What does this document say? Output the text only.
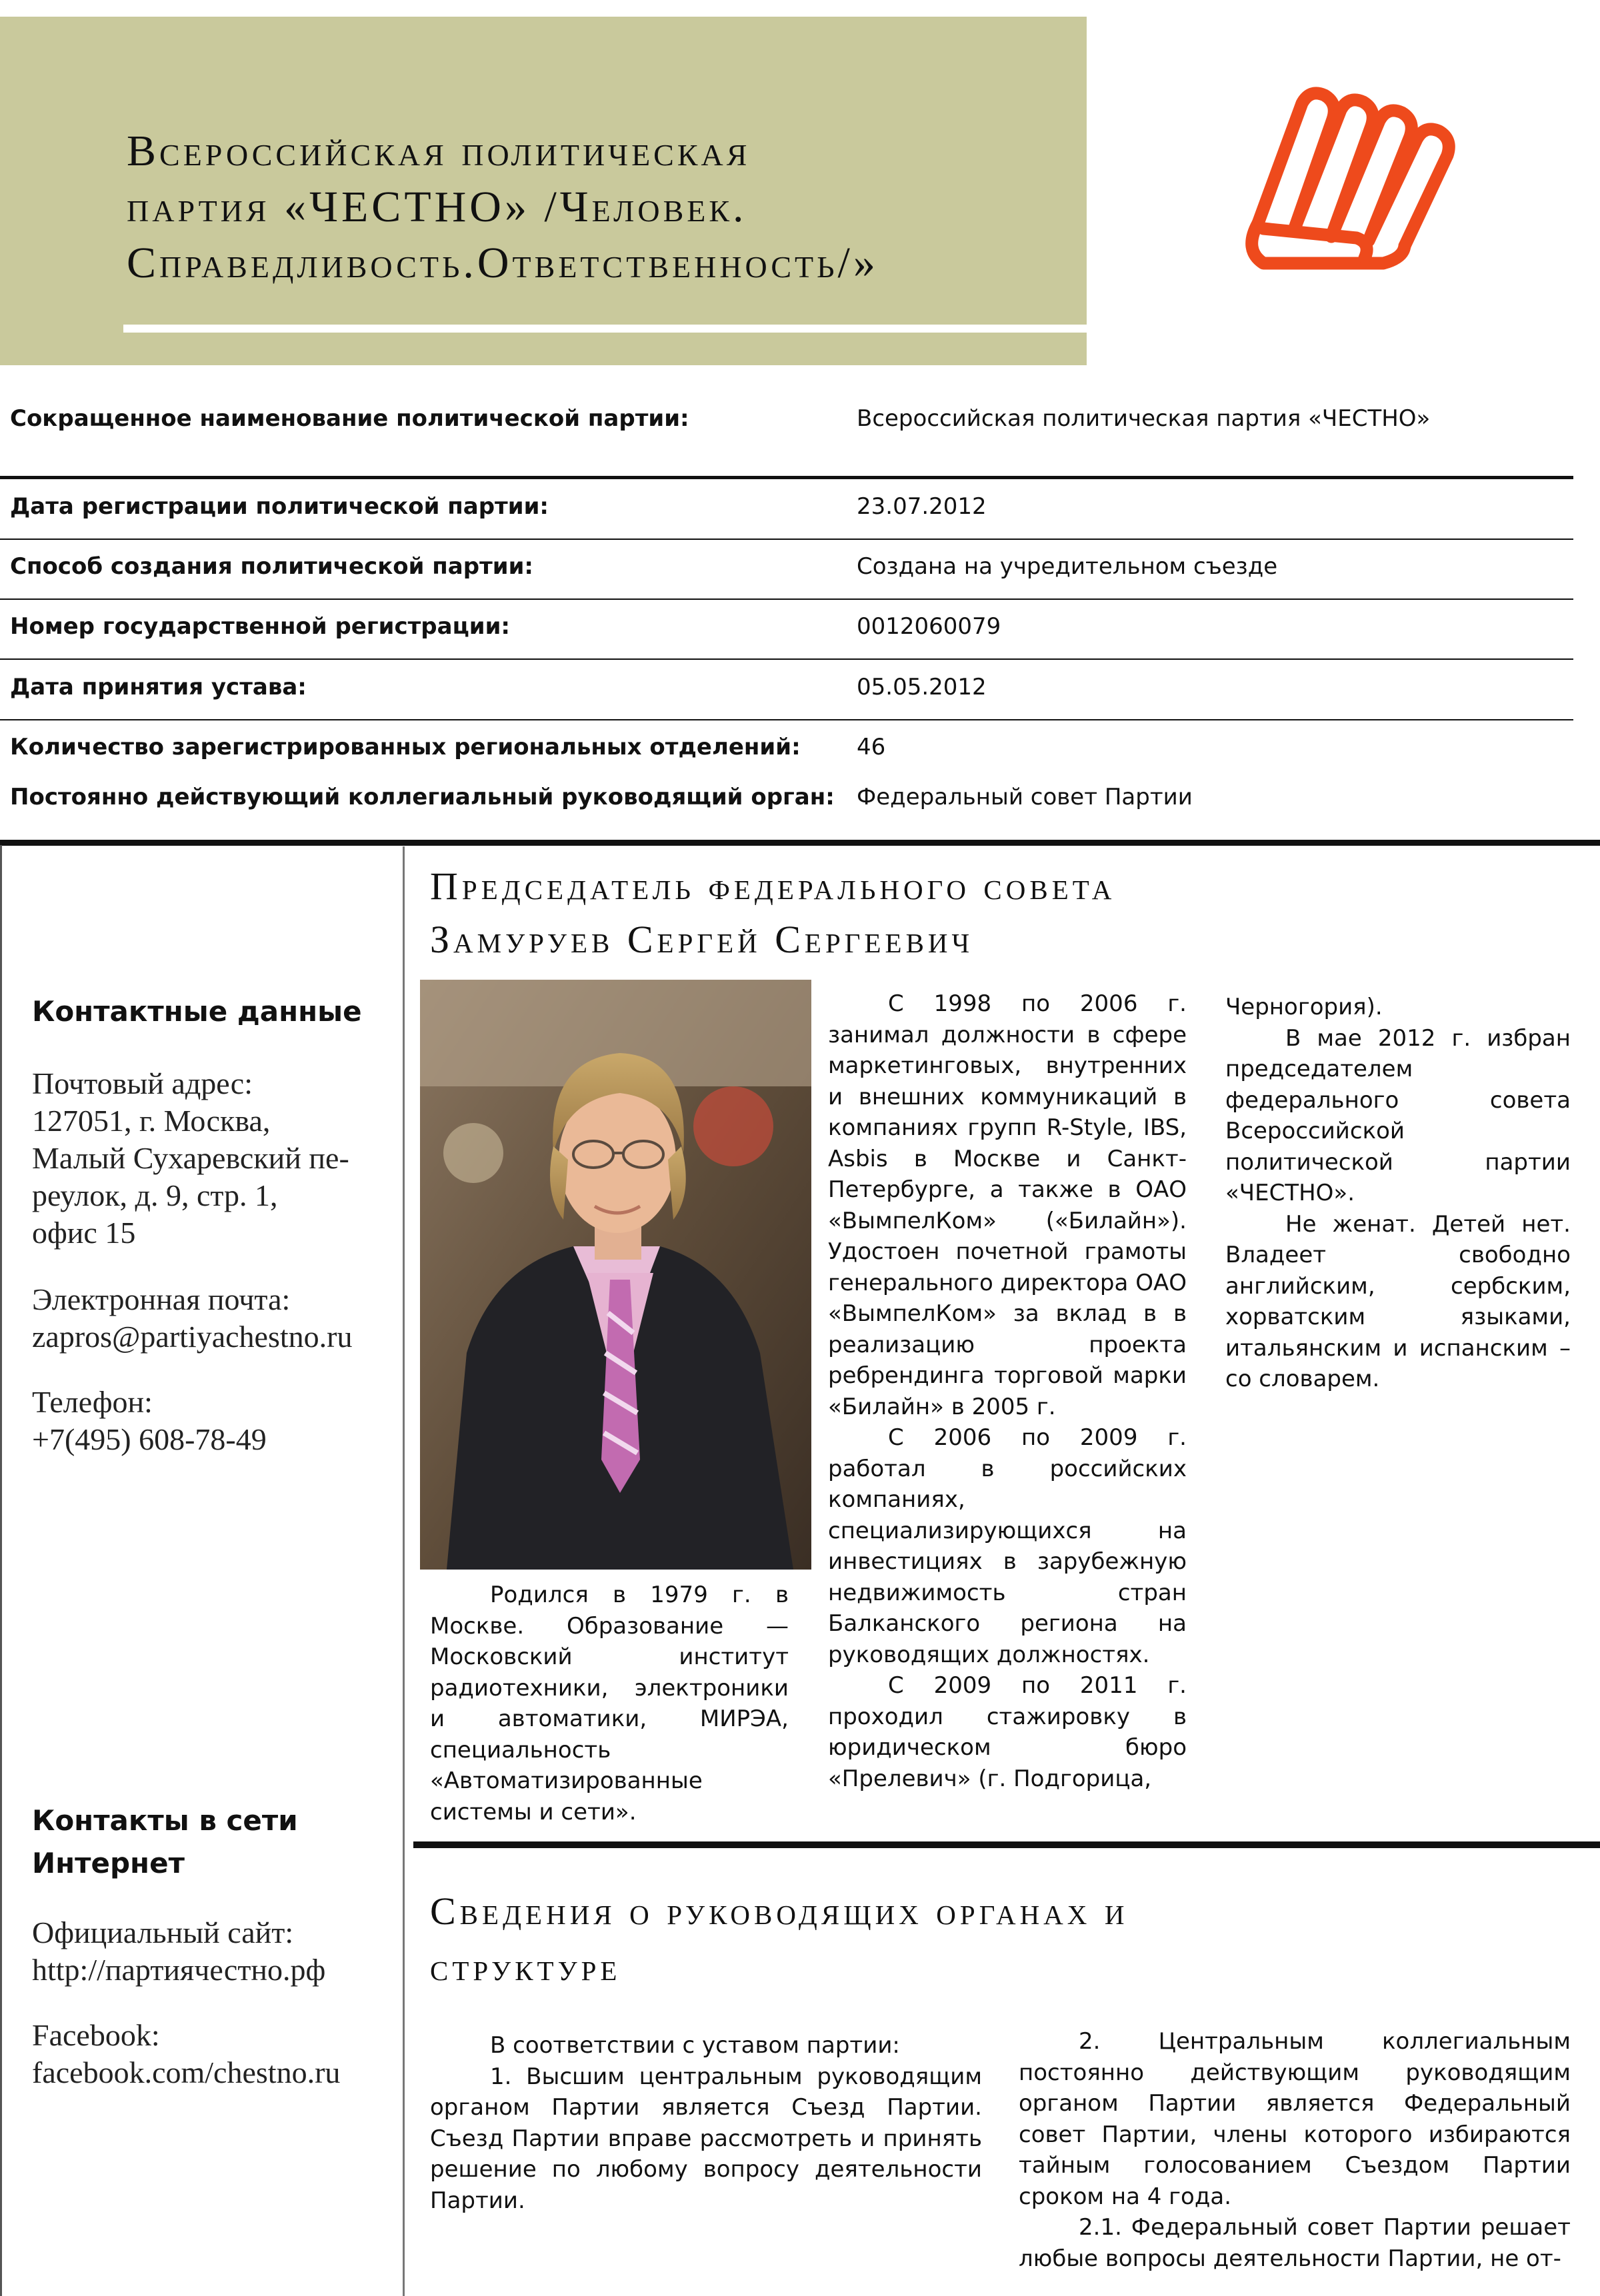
Всероссийская политическая
партия «ЧЕСТНО» /Человек.
Справедливость.Ответственность/»
Сокращенное наименование политической партии:	Всероссийская политическая партия «ЧЕСТНО»
Дата регистрации политической партии:	23.07.2012
Способ создания политической партии:	Создана на учредительном съезде
Номер государственной регистрации:	0012060079
Дата принятия устава:	05.05.2012
Количество зарегистрированных региональных отделений:	46
Постоянно действующий коллегиальный руководящий орган: Федеральный совет Партии
Контактные данные
Почтовый адрес:
127051, г. Москва,
Малый Сухаревский пе-
реулок, д. 9, стр. 1,
офис 15
Электронная почта:
zapros@partiyachestno.ru
Телефон:
+7(495) 608-78-49
Контакты в сети
Интернет
Официальный сайт:
http://партиячестно.рф
Facebook:
facebook.com/chestno.ru
Председатель федерального совета
Замуруев Сергей Сергеевич

Родился в 1979 г. в Москве. Образование — Московский институт радиотехники, электроники и автоматики, МИРЭА, специальность «Автоматизированные системы и сети».

С 1998 по 2006 г. занимал должности в сфере маркетинговых, внутренних и внешних коммуникаций в компаниях групп R-Style, IBS, Asbis в Москве и Санкт-Петербурге, а также в ОАО «ВымпелКом» («Билайн»). Удостоен почетной грамоты генерального директора ОАО «ВымпелКом» за вклад в в реализацию проекта ребрендинга торговой марки «Билайн» в 2005 г.

С 2006 по 2009 г. работал в российских компаниях, специализирующихся на инвестициях в зарубежную недвижимость стран Балканского региона на руководящих должностях.

С 2009 по 2011 г. проходил стажировку в юридическом бюро «Прелевич» (г. Подгорица,

Черногория).

В мае 2012 г. избран председателем федерального совета Всероссийской политической партии «ЧЕСТНО».

Не женат. Детей нет. Владеет свободно английским, сербским, хорватским языками, итальянским и испанским – со словарем.

Сведения о руководящих органах и
структуре

В соответствии с уставом партии:

1. Высшим центральным руководящим органом Партии является Съезд Партии. Съезд Партии вправе рассмотреть и принять решение по любому вопросу деятельности Партии.

2. Центральным коллегиальным постоянно действующим руководящим органом Партии является Федеральный совет Партии, члены которого избираются тайным голосованием Съездом Партии сроком на 4 года.

2.1. Федеральный совет Партии решает любые вопросы деятельности Партии, не от-
